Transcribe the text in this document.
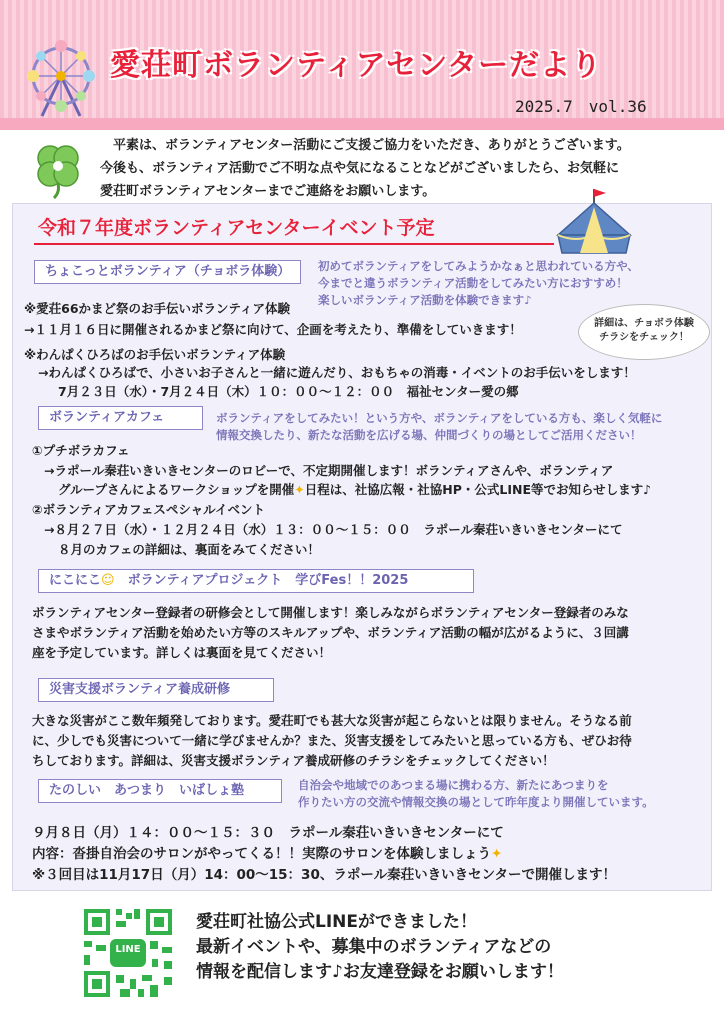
愛荘町ボランティアセンターだより
2025.7　vol.36
　平素は、ボランティアセンター活動にご支援ご協力をいただき、ありがとうございます。
今後も、ボランティア活動でご不明な点や気になることなどがございましたら、お気軽に
愛荘町ボランティアセンターまでご連絡をお願いします。
令和７年度ボランティアセンターイベント予定
ちょこっとボランティア（チョボラ体験）	初めてボランティアをしてみようかなぁと思われている方や、
今までと違うボランティア活動をしてみたい方におすすめ！
楽しいボランティア活動を体験できます♪
※愛荘66かまど祭のお手伝いボランティア体験
→１１月１６日に開催されるかまど祭に向けて、企画を考えたり、準備をしていきます！
※わんぱくひろばのお手伝いボランティア体験
→わんぱくひろばで、小さいお子さんと一緒に遊んだり、おもちゃの消毒・イベントのお手伝いをします！
7月２３日（水）・7月２４日（木）１０：００～１２：００　福祉センター愛の郷
詳細は、チョボラ体験
チラシをチェック！
ボランティアカフェ	ボランティアをしてみたい！という方や、ボランティアをしている方も、楽しく気軽に
情報交換したり、新たな活動を広げる場、仲間づくりの場としてご活用ください！
①プチボラカフェ
→ラポール秦荘いきいきセンターのロビーで、不定期開催します！ボランティアさんや、ボランティア
グループさんによるワークショップを開催✦日程は、社協広報・社協HP・公式LINE等でお知らせします♪
②ボランティアカフェスペシャルイベント
→８月２７日（水）・１２月２４日（水）１３：００～１５：００　ラポール秦荘いきいきセンターにて
８月のカフェの詳細は、裏面をみてください！
にこにこ☺　 ボランティアプロジェクト　学びFes！！2025
ボランティアセンター登録者の研修会として開催します！楽しみながらボランティアセンター登録者のみな
さまやボランティア活動を始めたい方等のスキルアップや、ボランティア活動の幅が広がるように、３回講
座を予定しています。詳しくは裏面を見てください！
災害支援ボランティア養成研修
大きな災害がここ数年頻発しております。愛荘町でも甚大な災害が起こらないとは限りません。そうなる前
に、少しでも災害について一緒に学びませんか？また、災害支援をしてみたいと思っている方も、ぜひお待
ちしております。詳細は、災害支援ボランティア養成研修のチラシをチェックしてください！
たのしい　あつまり　いばしょ塾	自治会や地域でのあつまる場に携わる方、新たにあつまりを
作りたい方の交流や情報交換の場として昨年度より開催しています。
９月８日（月）１４：００～１５：３０　ラポール秦荘いきいきセンターにて
内容：沓掛自治会のサロンがやってくる！！実際のサロンを体験しましょう✦
※３回目は11月17日（月）14：00～15：30、ラポール秦荘いきいきセンターで開催します！
LINE
愛荘町社協公式LINEができました！
最新イベントや、募集中のボランティアなどの
情報を配信します♪お友達登録をお願いします！
